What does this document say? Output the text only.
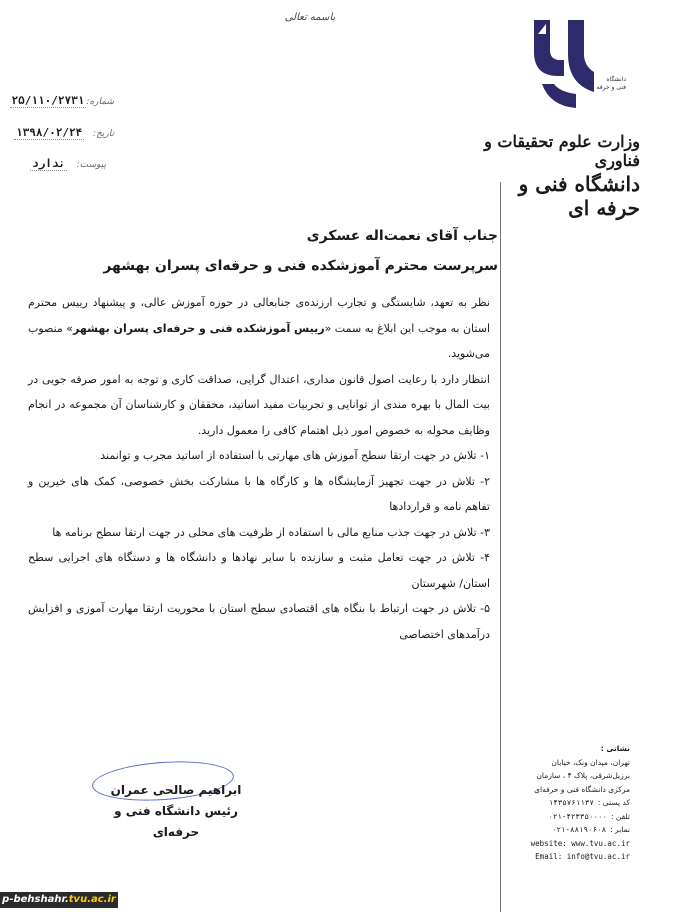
باسمه تعالی
دانشگاه
فنی و حرفه ای
وزارت علوم تحقیقات و فناوری
دانشگاه فنی و حرفه ای
شماره:
۲۵/۱۱۰/۲۷۳۱
تاریخ:
۱۳۹۸/۰۲/۲۴
پیوست:
ندارد
جناب آقای نعمت‌اله عسکری
سرپرست محترم آموزشکده فنی و حرفه‌ای پسران بهشهر

نظر به تعهد، شایستگی و تجارب ارزنده‌ی جنابعالی در حوزه آموزش عالی، و پیشنهاد رییس محترم استان به موجب این ابلاغ به سمت «رییس آموزشکده فنی و حرفه‌ای پسران بهشهر» منصوب می‌شوید.

انتظار دارد با رعایت اصول قانون مداری، اعتدال گرایی، صداقت کاری و توجه به امور صرفه جویی در بیت المال با بهره مندی از توانایی و تجربیات مفید اساتید، محققان و کارشناسان آن مجموعه در انجام وظایف محوله به خصوص امور ذیل اهتمام کافی را معمول دارید.

۱- تلاش در جهت ارتقا سطح آموزش های مهارتی با استفاده از اساتید مجرب و توانمند

۲- تلاش در جهت تجهیز آزمایشگاه ها و کارگاه ها با مشارکت بخش خصوصی، کمک های خیرین و تفاهم نامه و قراردادها

۳- تلاش در جهت جذب منابع مالی با استفاده از ظرفیت های محلی در جهت ارتقا سطح برنامه ها

۴- تلاش در جهت تعامل مثبت و سازنده با سایر نهادها و دانشگاه ها و دستگاه های اجرایی سطح استان/ شهرستان

۵- تلاش در جهت ارتباط با بنگاه های اقتصادی سطح استان با محوریت ارتقا مهارت آموزی و افزایش درآمدهای اختصاصی

ابراهیم صالحی عمران
رئیس دانشگاه فنی و حرفه‌ای
نشانی :
تهران، میدان ونک، خیابان
برزیل‌شرقی، پلاک ۴ ، سازمان
مرکزی دانشگاه فنی و حرفه‌ای
کد پستی :
۱۴۳۵۷۶۱۱۳۷
تلفن :
۰۲۱-۴۲۳۳۵۰۰۰۰
نمابر :
۰۲۱-۸۸۱۹۰۶۰۸
website: www.tvu.ac.ir
Email: info@tvu.ac.ir
p-behshahr.tvu.ac.ir
